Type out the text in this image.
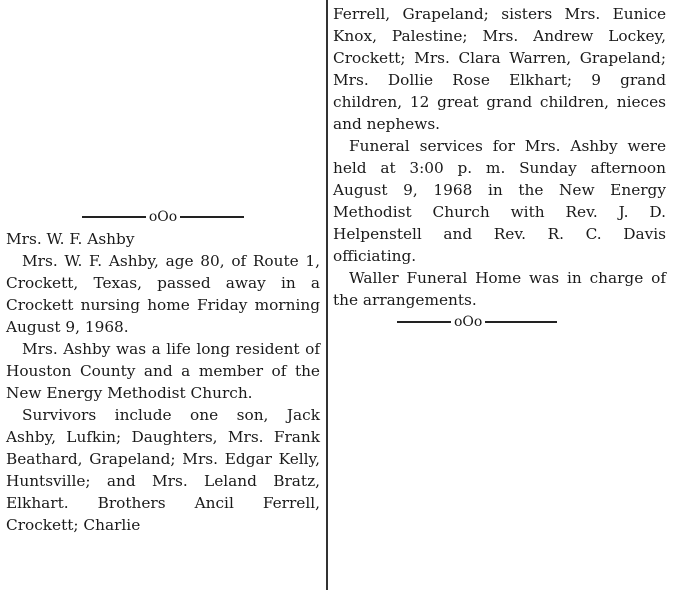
Ferrell, Grapeland; sisters Mrs. Eunice Knox, Palestine; Mrs. Andrew Lockey, Crockett; Mrs. Clara Warren, Grapeland; Mrs. Dollie Rose Elkhart; 9 grand children, 12 great grand children, nieces and nephews.

Funeral services for Mrs. Ashby were held at 3:00 p. m. Sunday afternoon August 9, 1968 in the New Energy Methodist Church with Rev. J. D. Helpenstell and Rev. R. C. Davis officiating.

Waller Funeral Home was in charge of the arrangements.

oOo
oOo

Mrs. W. F. Ashby

Mrs. W. F. Ashby, age 80, of Route 1, Crockett, Texas, passed away in a Crockett nursing home Friday morning August 9, 1968.

Mrs. Ashby was a life long resident of Houston County and a member of the New Energy Methodist Church.

Survivors include one son, Jack Ashby, Lufkin; Daughters, Mrs. Frank Beathard, Grapeland; Mrs. Edgar Kelly, Huntsville; and Mrs. Leland Bratz, Elkhart. Brothers Ancil Ferrell, Crockett; Charlie
